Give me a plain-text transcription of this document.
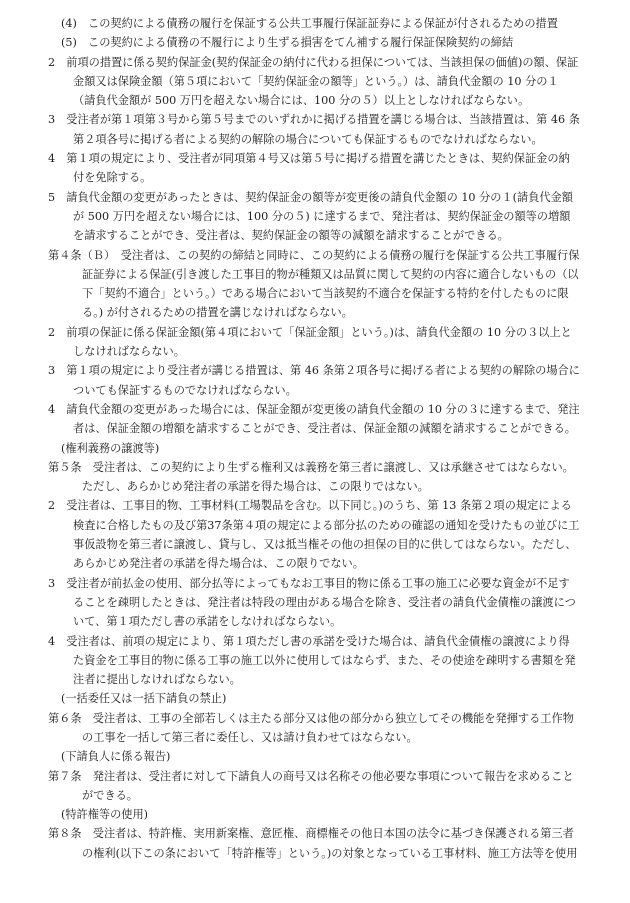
(4)　この契約による債務の履行を保証する公共工事履行保証証券による保証が付されるための措置

(5)　この契約による債務の不履行により生ずる損害をてん補する履行保証保険契約の締結

2　前項の措置に係る契約保証金(契約保証金の納付に代わる担保については、当該担保の価値)の額、保証金額又は保険金額（第５項において「契約保証金の額等」という。）は、請負代金額の 10 分の１（請負代金額が 500 万円を超えない場合には、100 分の５）以上としなければならない。

3　受注者が第１項第３号から第５号までのいずれかに掲げる措置を講じる場合は、当該措置は、第 46 条第２項各号に掲げる者による契約の解除の場合についても保証するものでなければならない。

4　第１項の規定により、受注者が同項第４号又は第５号に掲げる措置を講じたときは、契約保証金の納付を免除する。

5　請負代金額の変更があったときは、契約保証金の額等が変更後の請負代金額の 10 分の１(請負代金額が 500 万円を超えない場合には、100 分の５) に達するまで、発注者は、契約保証金の額等の増額を請求することができ、受注者は、契約保証金の額等の減額を請求することができる。

第４条（Ｂ）　受注者は、この契約の締結と同時に、この契約による債務の履行を保証する公共工事履行保証証券による保証(引き渡した工事目的物が種類又は品質に関して契約の内容に適合しないもの（以下「契約不適合」という。）である場合において当該契約不適合を保証する特約を付したものに限る。) が付されるための措置を講じなければならない。

2　前項の保証に係る保証金額(第４項において「保証金額」という。)は、請負代金額の 10 分の３以上としなければならない。

3　第１項の規定により受注者が講じる措置は、第 46 条第２項各号に掲げる者による契約の解除の場合についても保証するものでなければならない。

4　請負代金額の変更があった場合には、保証金額が変更後の請負代金額の 10 分の３に達するまで、発注者は、保証金額の増額を請求することができ、受注者は、保証金額の減額を請求することができる。

(権利義務の譲渡等)

第５条　受注者は、この契約により生ずる権利又は義務を第三者に譲渡し、又は承継させてはならない。ただし、あらかじめ発注者の承諾を得た場合は、この限りではない。

2　受注者は、工事目的物、工事材料(工場製品を含む。以下同じ。)のうち、第 13 条第２項の規定による検査に合格したもの及び第37条第４項の規定による部分払のための確認の通知を受けたもの並びに工事仮設物を第三者に譲渡し、貸与し、又は抵当権その他の担保の目的に供してはならない。ただし、あらかじめ発注者の承諾を得た場合は、この限りでない。

3　受注者が前払金の使用、部分払等によってもなお工事目的物に係る工事の施工に必要な資金が不足することを疎明したときは、発注者は特段の理由がある場合を除き、受注者の請負代金債権の譲渡について、第１項ただし書の承諾をしなければならない。

4　受注者は、前項の規定により、第１項ただし書の承諾を受けた場合は、請負代金債権の譲渡により得た資金を工事目的物に係る工事の施工以外に使用してはならず、また、その使途を疎明する書類を発注者に提出しなければならない。

(一括委任又は一括下請負の禁止)

第６条　受注者は、工事の全部若しくは主たる部分又は他の部分から独立してその機能を発揮する工作物の工事を一括して第三者に委任し、又は請け負わせてはならない。

(下請負人に係る報告)

第７条　発注者は、受注者に対して下請負人の商号又は名称その他必要な事項について報告を求めることができる。

(特許権等の使用)

第８条　受注者は、特許権、実用新案権、意匠権、商標権その他日本国の法令に基づき保護される第三者の権利(以下この条において「特許権等」という。)の対象となっている工事材料、施工方法等を使用
